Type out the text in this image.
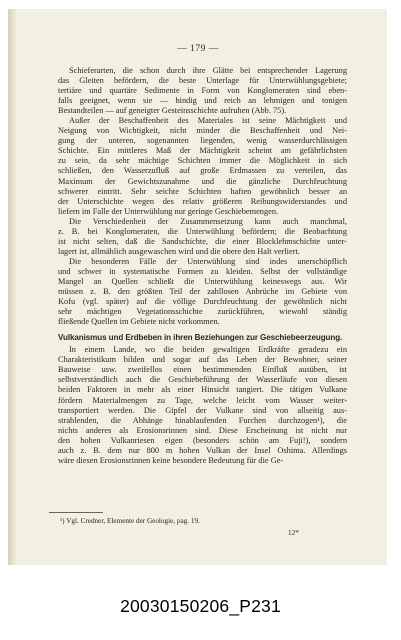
— 179 —
Schieferarten, die schon durch ihre Glätte bei entsprechender Lagerung
das Gleiten befördern, die beste Unterlage für Unterwühlungsgebiete;
tertiäre und quartäre Sedimente in Form von Konglomeraten sind eben-
falls geeignet, wenn sie — bindig und reich an lehmigen und tonigen
Bestandteilen — auf geneigter Gesteinsschichte aufruhen (Abb. 75).
Außer der Beschaffenheit des Materiales ist seine Mächtigkeit und
Neigung von Wichtigkeit, nicht minder die Beschaffenheit und Nei-
gung der unteren, sogenannten liegenden, wenig wasserdurchlässigen
Schichte. Ein mittleres Maß der Mächtigkeit scheint am gefährlichsten
zu sein, da sehr mächtige Schichten immer die Möglichkeit in sich
schließen, den Wasserzufluß auf große Erdmassen zu verteilen, das
Maximum der Gewichtszunahme und die gänzliche Durchfeuchtung
schwerer eintritt. Sehr seichte Schichten haften gewöhnlich besser an
der Unterschichte wegen des relativ größeren Reibungswiderstandes und
liefern im Falle der Unterwühlung nur geringe Geschiebemengen.
Die Verschiedenheit der Zusammensetzung kann auch manchmal,
z. B. bei Konglomeraten, die Unterwühlung befördern; die Beobachtung
ist nicht selten, daß die Sandschichte, die einer Blocklehmschichte unter-
lagert ist, allmählich ausgewaschen wird und die obere den Halt verliert.
Die besonderen Fälle der Unterwühlung sind indes unerschöpflich
und schwer in systematische Formen zu kleiden. Selbst der vollständige
Mangel an Quellen schließt die Unterwühlung keineswegs aus. Wir
müssen z. B. den größten Teil der zahllosen Anbrüche im Gebiete von
Kofu (vgl. später) auf die völlige Durchfeuchtung der gewöhnlich nicht
sehr mächtigen Vegetationsschichte zurückführen, wiewohl ständig
fließende Quellen im Gebiete nicht vorkommen.
Vulkanismus und Erdbeben in ihren Beziehungen zur Geschiebeerzeugung.
In einem Lande, wo die beiden gewaltigen Erdkräfte geradezu ein
Charakteristikum bilden und sogar auf das Leben der Bewohner, seiner
Bauweise usw. zweifellos einen bestimmenden Einfluß ausüben, ist
selbstverständlich auch die Geschiebeführung der Wasserläufe von diesen
beiden Faktoren in mehr als einer Hinsicht tangiert. Die tätigen Vulkane
fördern Materialmengen zu Tage, welche leicht vom Wasser weiter-
transportiert werden. Die Gipfel der Vulkane sind von allseitig aus-
strahlenden, die Abhänge hinablaufenden Furchen durchzogen¹), die
nichts anderes als Erosionsrinnen sind. Diese Erscheinung ist nicht nur
den hohen Vulkanriesen eigen (besonders schön am Fuji!), sondern
auch z. B. dem nur 800 m hohen Vulkan der Insel Oshima. Allerdings
wäre diesen Erosionsrinnen keine besondere Bedeutung für die Ge-
¹) Vgl. Credner, Elemente der Geologie, pag. 19.
12*
20030150206_P231
